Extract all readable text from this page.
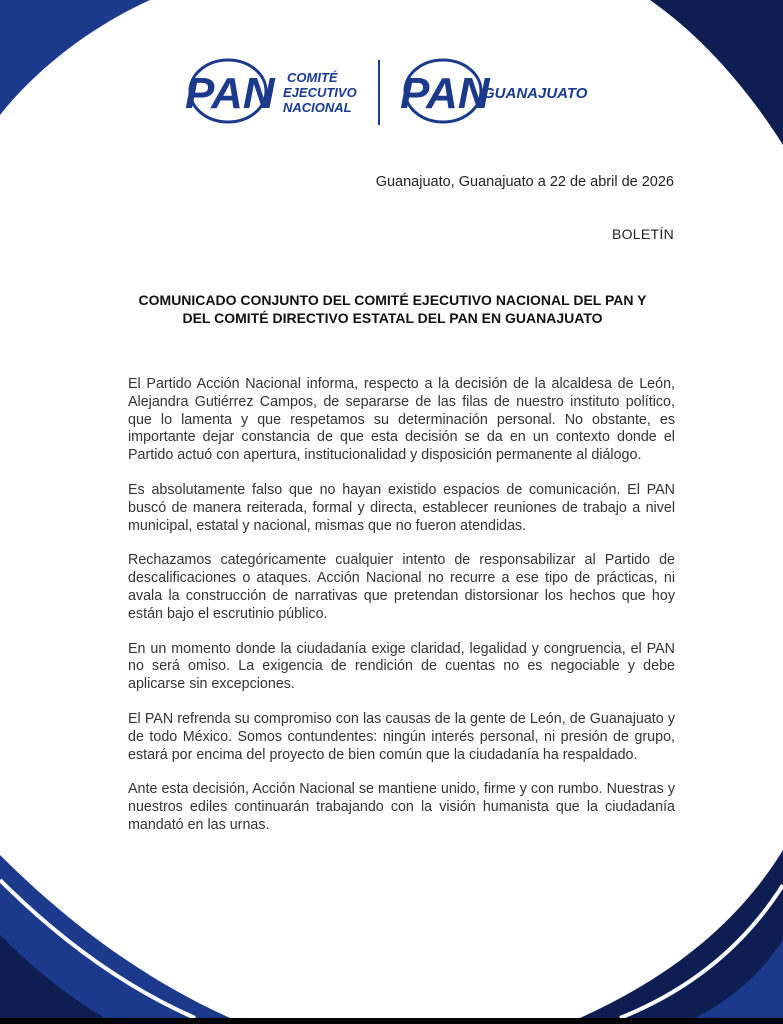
PAN COMITÉ
EJECUTIVO
NACIONAL PAN
GUANAJUATO
Guanajuato, Guanajuato a 22 de abril de 2026
BOLETÍN
COMUNICADO CONJUNTO DEL COMITÉ EJECUTIVO NACIONAL DEL PAN Y
DEL COMITÉ DIRECTIVO ESTATAL DEL PAN EN GUANAJUATO

El Partido Acción Nacional informa, respecto a la decisión de la alcaldesa de León, Alejandra Gutiérrez Campos, de separarse de las filas de nuestro instituto político, que lo lamenta y que respetamos su determinación personal. No obstante, es importante dejar constancia de que esta decisión se da en un contexto donde el Partido actuó con apertura, institucionalidad y disposición permanente al diálogo.

Es absolutamente falso que no hayan existido espacios de comunicación. El PAN buscó de manera reiterada, formal y directa, establecer reuniones de trabajo a nivel municipal, estatal y nacional, mismas que no fueron atendidas.

Rechazamos categóricamente cualquier intento de responsabilizar al Partido de descalificaciones o ataques. Acción Nacional no recurre a ese tipo de prácticas, ni avala la construcción de narrativas que pretendan distorsionar los hechos que hoy están bajo el escrutinio público.

En un momento donde la ciudadanía exige claridad, legalidad y congruencia, el PAN no será omiso. La exigencia de rendición de cuentas no es negociable y debe aplicarse sin excepciones.

El PAN refrenda su compromiso con las causas de la gente de León, de Guanajuato y de todo México. Somos contundentes: ningún interés personal, ni presión de grupo, estará por encima del proyecto de bien común que la ciudadanía ha respaldado.

Ante esta decisión, Acción Nacional se mantiene unido, firme y con rumbo. Nuestras y nuestros ediles continuarán trabajando con la visión humanista que la ciudadanía mandató en las urnas.
